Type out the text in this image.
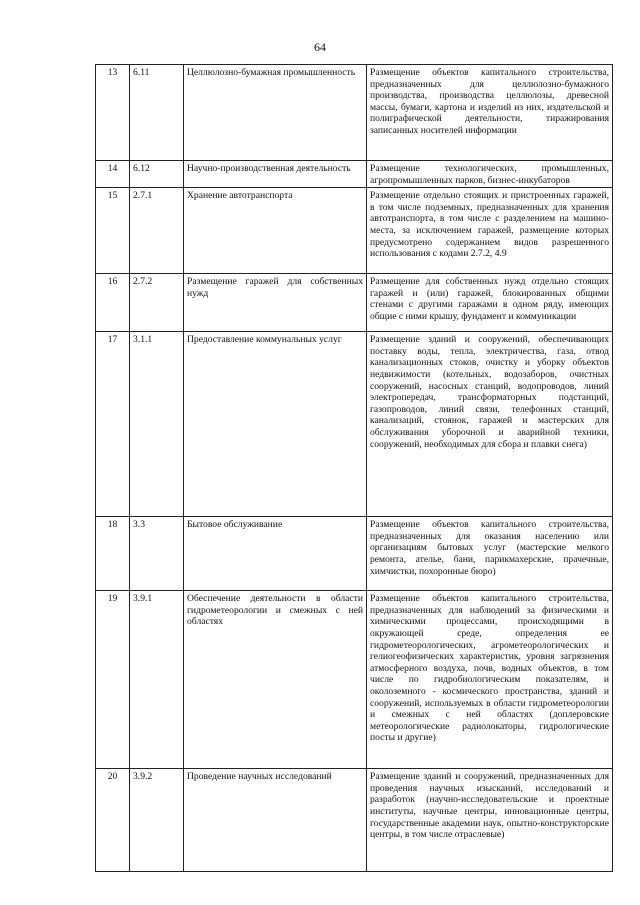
64
13	6.11	Целлюлозно-бумажная промышленность	Размещение объектов капитального строительства, предназначенных для целлюлозно-бумажного производства, производства целлюлозы, древесной массы, бумаги, картона и изделий из них, издательской и полиграфической деятельности, тиражирования записанных носителей информации
14	6.12	Научно-производственная деятельность	Размещение технологических, промышленных, агропромышленных парков, бизнес-инкубаторов
15	2.7.1	Хранение автотранспорта	Размещение отдельно стоящих и пристроенных гаражей, в том числе подземных, предназначенных для хранения автотранспорта, в том числе с разделением на машино-места, за исключением гаражей, размещение которых предусмотрено содержанием видов разрешенного использования с кодами 2.7.2, 4.9
16	2.7.2	Размещение гаражей для собственных нужд	Размещение для собственных нужд отдельно стоящих гаражей и (или) гаражей, блокированных общими стенами с другими гаражами в одном ряду, имеющих общие с ними крышу, фундамент и коммуникации
17	3.1.1	Предоставление коммунальных услуг	Размещение зданий и сооружений, обеспечивающих поставку воды, тепла, электричества, газа, отвод канализационных стоков, очистку и уборку объектов недвижимости (котельных, водозаборов, очистных сооружений, насосных станций, водопроводов, линий электропередач, трансформаторных подстанций, газопроводов, линий связи, телефонных станций, канализаций, стоянок, гаражей и мастерских для обслуживания уборочной и аварийной техники, сооружений, необходимых для сбора и плавки снега)
18	3.3	Бытовое обслуживание	Размещение объектов капитального строительства, предназначенных для оказания населению или организациям бытовых услуг (мастерские мелкого ремонта, ателье, бани, парикмахерские, прачечные, химчистки, похоронные бюро)
19	3.9.1	Обеспечение деятельности в области гидрометеорологии и смежных с ней областях	Размещение объектов капитального строительства, предназначенных для наблюдений за физическими и химическими процессами, происходящими в окружающей среде, определения ее гидрометеорологических, агрометеорологических и гелиогеофизических характеристик, уровня загрязнения атмосферного воздуха, почв, водных объектов, в том числе по гидробиологическим показателям, и околоземного - космического пространства, зданий и сооружений, используемых в области гидрометеорологии и смежных с ней областях (доплеровские метеорологические радиолокаторы, гидрологические посты и другие)
20	3.9.2	Проведение научных исследований	Размещение зданий и сооружений, предназначенных для проведения научных изысканий, исследований и разработок (научно-исследовательские и проектные институты, научные центры, инновационные центры, государственные академии наук, опытно-конструкторские центры, в том числе отраслевые)
